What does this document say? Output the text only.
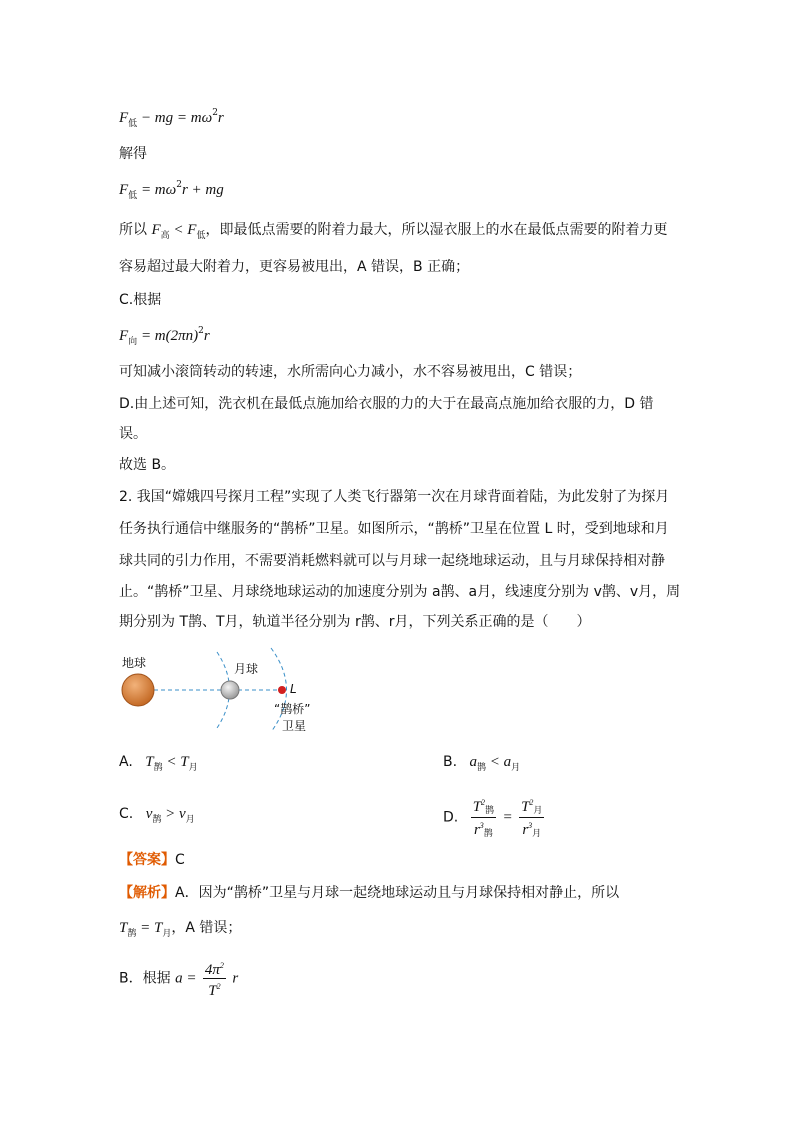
$F_低$ − mg = $m\omega^2r$
解得
$F_低 = m\omega^2r$ + mg
所以 $F_高 < F_低$，即最低点需要的附着力最大，所以湿衣服上的水在最低点需要的附着力更
容易超过最大附着力，更容易被甩出，A 错误，B 正确；
C.根据
$F_向 = m(2\pi n)^2r$
可知减小滚筒转动的转速，水所需向心力减小，水不容易被甩出，C 错误；
D.由上述可知，洗衣机在最低点施加给衣服的力的大于在最高点施加给衣服的力，D 错
误。
故选 B。
2. 我国“嫦娥四号探月工程”实现了人类飞行器第一次在月球背面着陆，为此发射了为探月
任务执行通信中继服务的“鹊桥”卫星。如图所示，“鹊桥”卫星在位置 L 时，受到地球和月
球共同的引力作用，不需要消耗燃料就可以与月球一起绕地球运动，且与月球保持相对静
止。“鹊桥”卫星、月球绕地球运动的加速度分别为 a鹊、a月，线速度分别为 v鹊、v月，周
期分别为 T鹊、T月，轨道半径分别为 r鹊、r月，下列关系正确的是（　　）
地球	月球
L
“鹊桥”
卫星
A. $T_鹊 < T_月$	B. $a_鹊 < a_月$
C. $v_鹊 > v_月$	D. $\frac{T^2鹊}{r^3鹊} = \frac{T^2月}{r^3月}$
【答案】C
【解析】A．因为“鹊桥”卫星与月球一起绕地球运动且与月球保持相对静止，所以
$T_鹊 = T_月$，A 错误；
B．根据 $a = \frac{4\pi^2}{T^2}$ r
